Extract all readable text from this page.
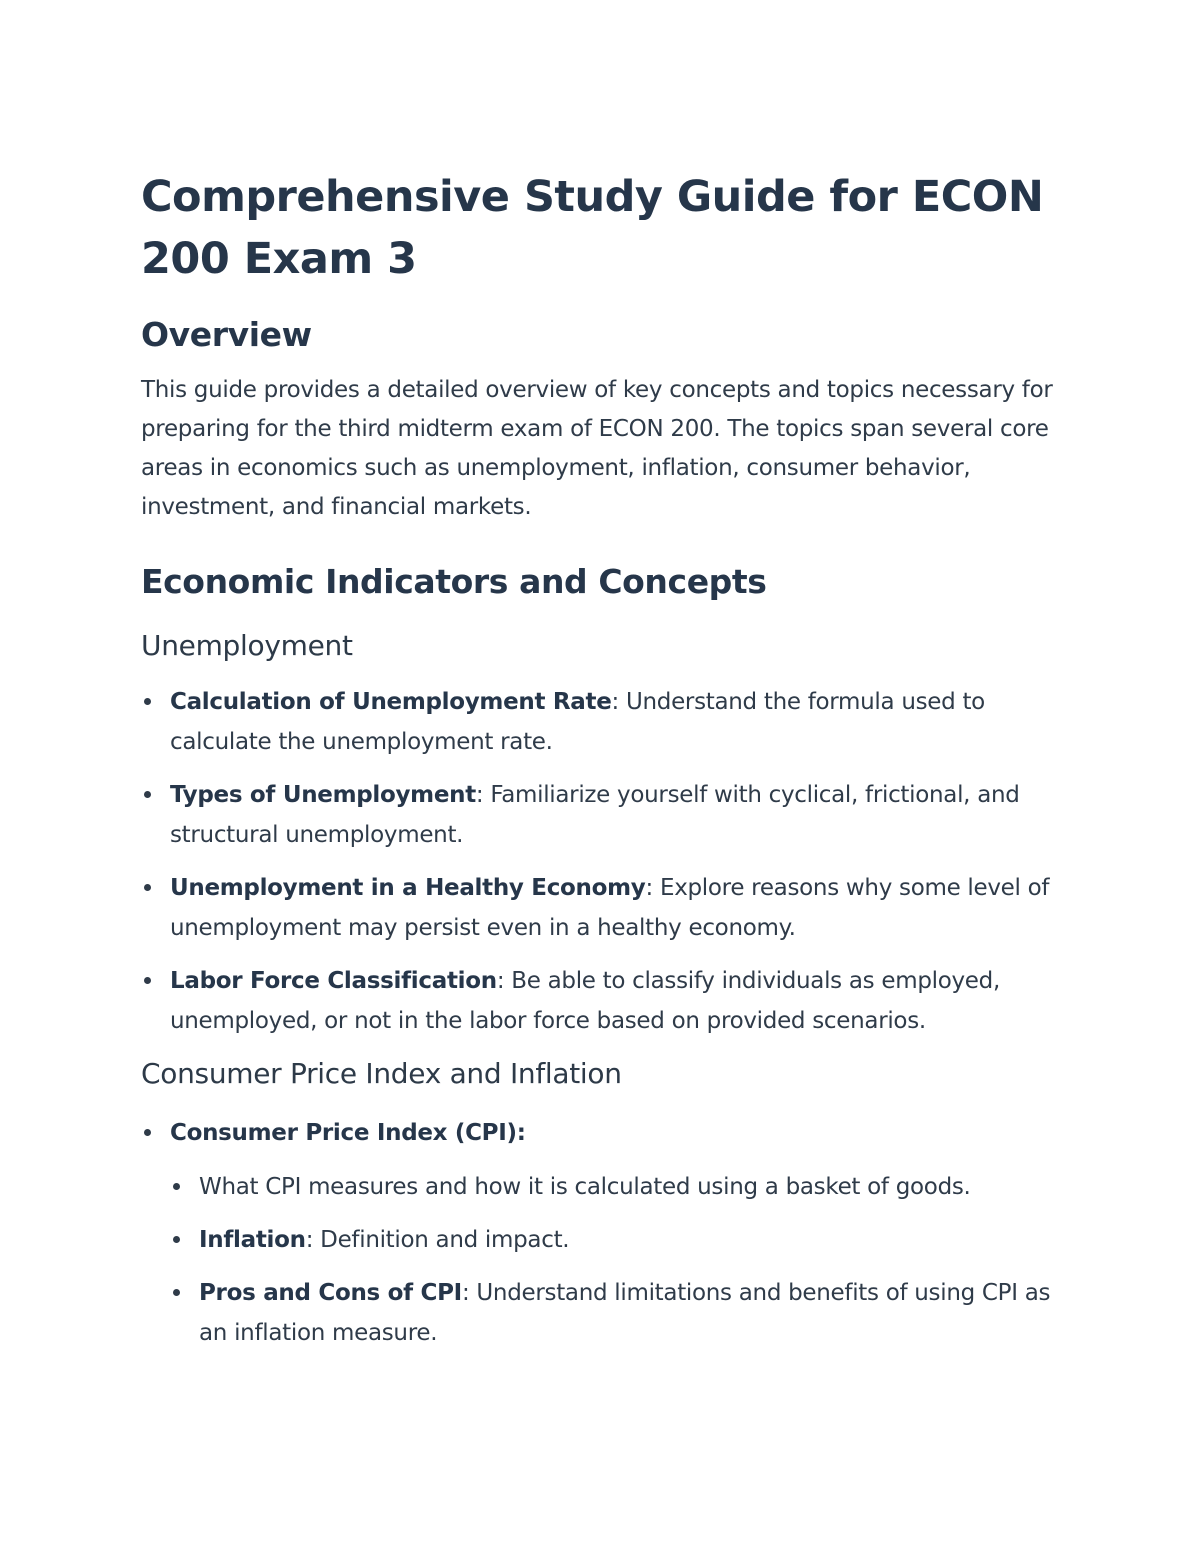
Comprehensive Study Guide for ECON 200 Exam 3
Overview

This guide provides a detailed overview of key concepts and topics necessary for preparing for the third midterm exam of ECON 200. The topics span several core areas in economics such as unemployment, inflation, consumer behavior, investment, and financial markets.

Economic Indicators and Concepts
Unemployment
Calculation of Unemployment Rate: Understand the formula used to calculate the unemployment rate.
Types of Unemployment: Familiarize yourself with cyclical, frictional, and structural unemployment.
Unemployment in a Healthy Economy: Explore reasons why some level of unemployment may persist even in a healthy economy.
Labor Force Classification: Be able to classify individuals as employed, unemployed, or not in the labor force based on provided scenarios.
Consumer Price Index and Inflation
Consumer Price Index (CPI):
What CPI measures and how it is calculated using a basket of goods.
Inflation: Definition and impact.
Pros and Cons of CPI: Understand limitations and benefits of using CPI as an inflation measure.
